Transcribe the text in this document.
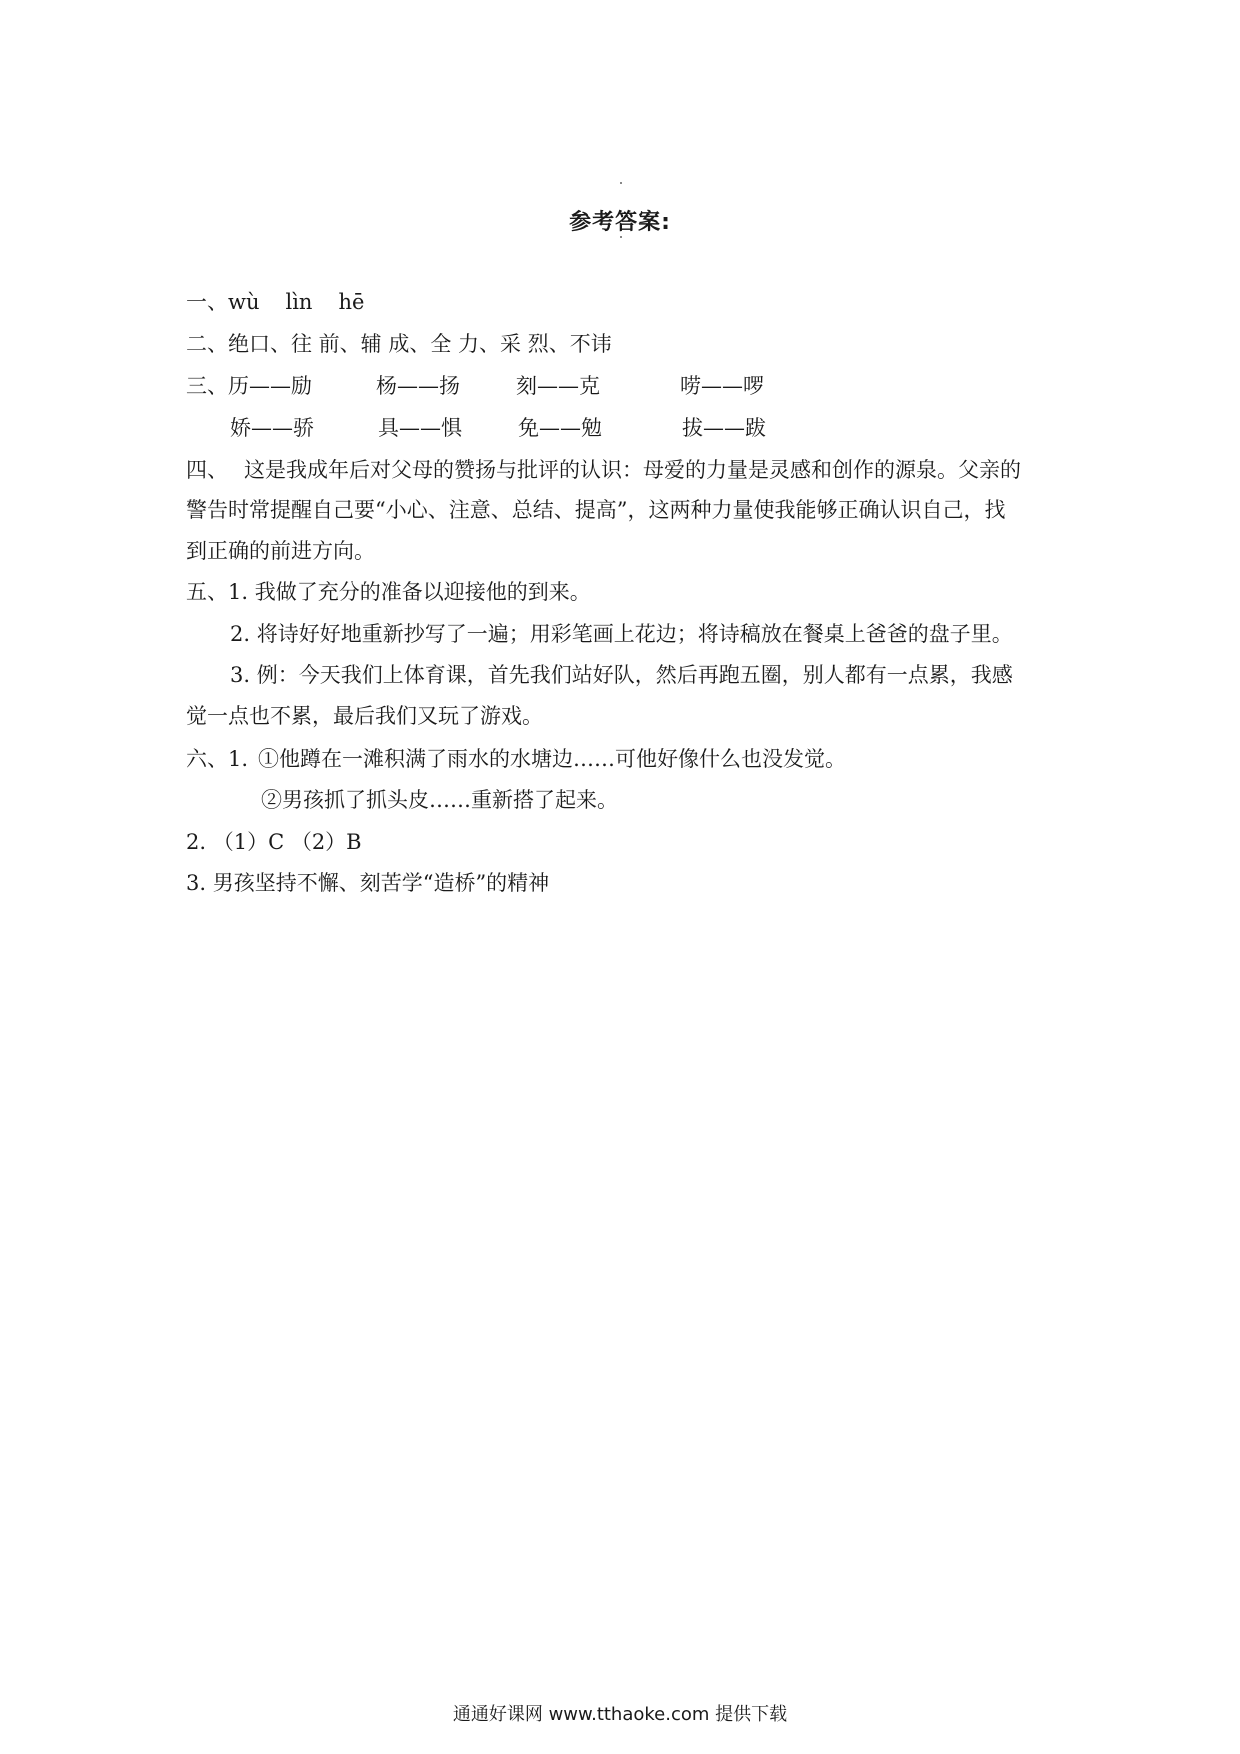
参考答案:
一、wù lìn hē
二、绝口、往 前、辅 成、全 力、采 烈、不讳
三、历——励	杨——扬	刻——克	唠——啰
娇——骄	具——惧	免——勉	拔——跋
四、 这是我成年后对父母的赞扬与批评的认识：母爱的力量是灵感和创作的源泉。父亲的
警告时常提醒自己要“小心、注意、总结、提高”，这两种力量使我能够正确认识自己，找
到正确的前进方向。
五、1. 我做了充分的准备以迎接他的到来。
2. 将诗好好地重新抄写了一遍；用彩笔画上花边；将诗稿放在餐桌上爸爸的盘子里。
3. 例：今天我们上体育课，首先我们站好队，然后再跑五圈，别人都有一点累，我感
觉一点也不累，最后我们又玩了游戏。
六、1. ①他蹲在一滩积满了雨水的水塘边……可他好像什么也没发觉。
②男孩抓了抓头皮……重新搭了起来。
2. （1）C （2）B
3. 男孩坚持不懈、刻苦学“造桥”的精神
通通好课网 www.tthaoke.com 提供下载
